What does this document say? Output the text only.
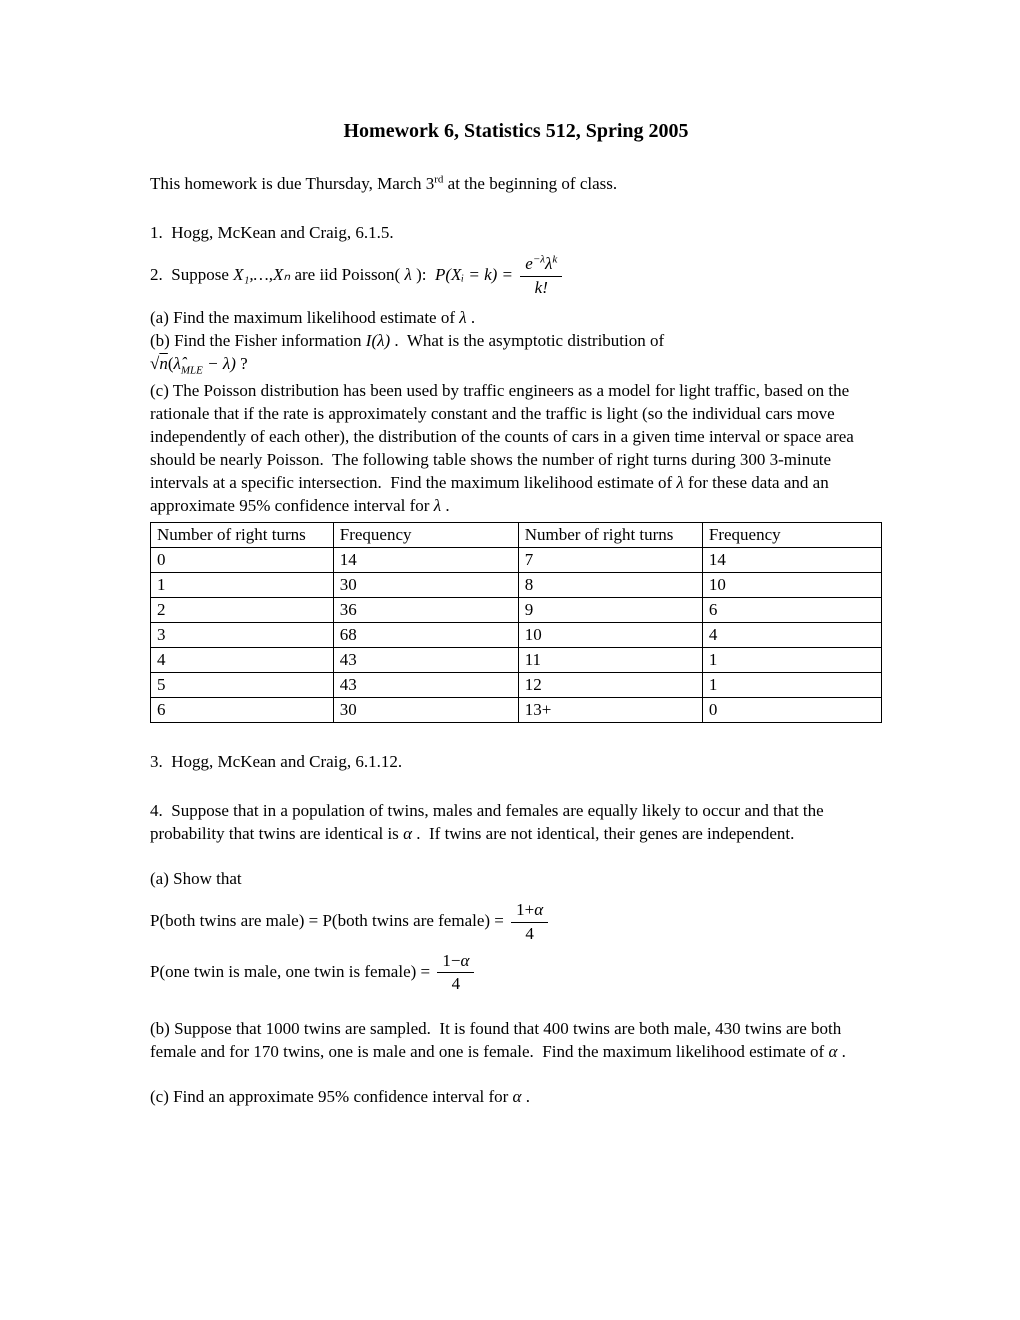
Homework 6, Statistics 512, Spring 2005

This homework is due Thursday, March 3rd at the beginning of class.

1.  Hogg, McKean and Craig, 6.1.5.

2.  Suppose X₁,…,Xₙ are iid Poisson( λ ):  P(Xᵢ = $k) = \frac{e^{-\lambda}\lambda^k}{k!}$

(a) Find the maximum likelihood estimate of λ .

(b) Find the Fisher information I(λ) .  What is the asymptotic distribution of

$√n(\lambdâ_{MLE} - \lambda)$ ?

(c) The Poisson distribution has been used by traffic engineers as a model for light traffic, based on the rationale that if the rate is approximately constant and the traffic is light (so the individual cars move independently of each other), the distribution of the counts of cars in a given time interval or space area should be nearly Poisson.  The following table shows the number of right turns during 300 3-minute intervals at a specific intersection.  Find the maximum likelihood estimate of λ for these data and an approximate 95% confidence interval for λ .

Number of right turns	Frequency	Number of right turns	Frequency
0	14	7	14
1	30	8	10
2	36	9	6
3	68	10	4
4	43	11	1
5	43	12	1
6	30	13+	0

3.  Hogg, McKean and Craig, 6.1.12.

4.  Suppose that in a population of twins, males and females are equally likely to occur and that the probability that twins are identical is α .  If twins are not identical, their genes are independent.

(a) Show that

P(both twins are male) = P(both twins are female) = $\frac{1+\alpha}{4}$

P(one twin is male, one twin is female) = $\frac{1-\alpha}{4}$

(b) Suppose that 1000 twins are sampled.  It is found that 400 twins are both male, 430 twins are both female and for 170 twins, one is male and one is female.  Find the maximum likelihood estimate of α .

(c) Find an approximate 95% confidence interval for α .
